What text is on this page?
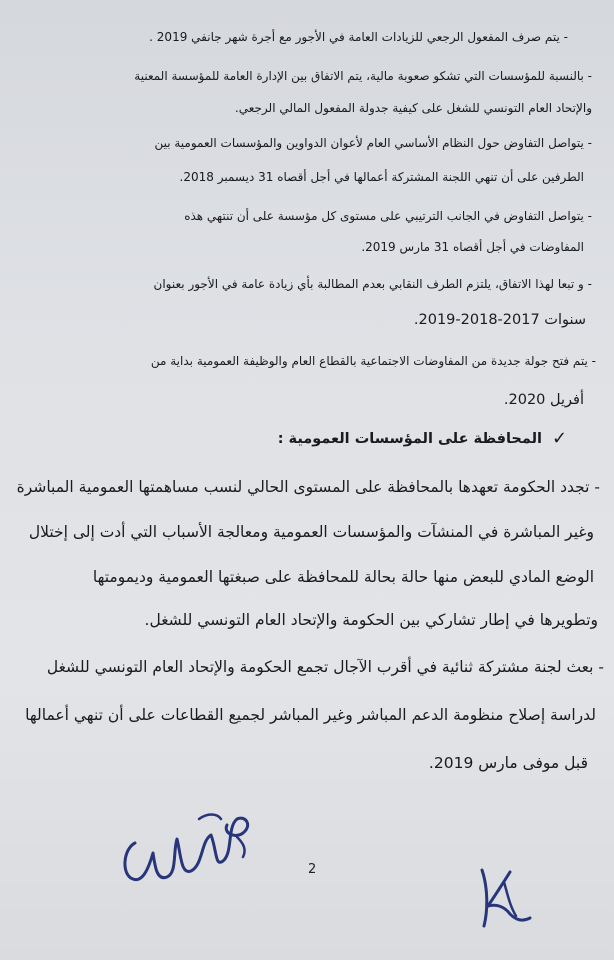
- يتم صرف المفعول الرجعي للزيادات العامة في الأجور مع أجرة شهر جانفي 2019 .
- بالنسبة للمؤسسات التي تشكو صعوبة مالية، يتم الاتفاق بين الإدارة العامة للمؤسسة المعنية
والإتحاد العام التونسي للشغل على كيفية جدولة المفعول المالي الرجعي.
- يتواصل التفاوض حول النظام الأساسي العام لأعوان الدواوين والمؤسسات العمومية بين
الطرفين على أن تنهي اللجنة المشتركة أعمالها في أجل أقصاه 31 ديسمبر 2018.
- يتواصل التفاوض في الجانب الترتيبي على مستوى كل مؤسسة على أن تنتهي هذه
المفاوضات في أجل أقصاه 31 مارس 2019.
- و تبعا لهذا الاتفاق، يلتزم الطرف النقابي بعدم المطالبة بأي زيادة عامة في الأجور بعنوان
سنوات 2017-2018-2019.
- يتم فتح جولة جديدة من المفاوضات الاجتماعية بالقطاع العام والوظيفة العمومية بداية من
أفريل 2020.
✓
المحافظة على المؤسسات العمومية :
- تجدد الحكومة تعهدها بالمحافظة على المستوى الحالي لنسب مساهمتها العمومية المباشرة
وغير المباشرة في المنشآت والمؤسسات العمومية ومعالجة الأسباب التي أدت إلى إختلال
الوضع المادي للبعض منها حالة بحالة للمحافظة على صبغتها العمومية وديمومتها
وتطويرها في إطار تشاركي بين الحكومة والإتحاد العام التونسي للشغل.
- بعث لجنة مشتركة ثنائية في أقرب الآجال تجمع الحكومة والإتحاد العام التونسي للشغل
لدراسة إصلاح منظومة الدعم المباشر وغير المباشر لجميع القطاعات على أن تنهي أعمالها
قبل موفى مارس 2019.
2
